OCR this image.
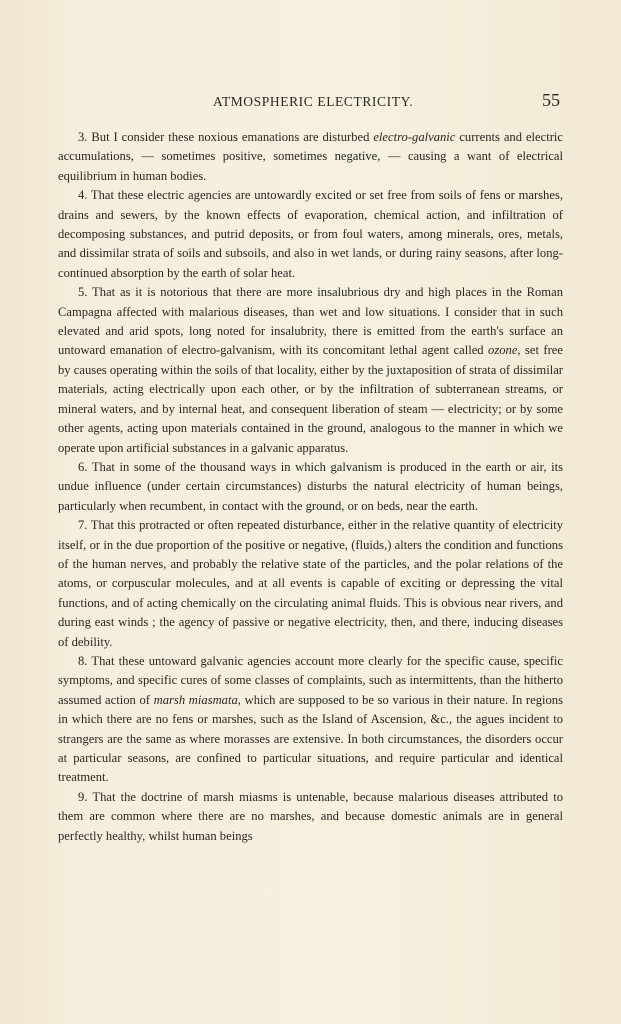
ATMOSPHERIC ELECTRICITY.	55

3. But I consider these noxious emanations are disturbed electro-galvanic currents and electric accumulations, — sometimes positive, sometimes negative, — causing a want of electrical equilibrium in human bodies.

4. That these electric agencies are untowardly excited or set free from soils of fens or marshes, drains and sewers, by the known effects of evaporation, chemical action, and infiltration of decomposing substances, and putrid deposits, or from foul waters, among minerals, ores, metals, and dissimilar strata of soils and subsoils, and also in wet lands, or during rainy seasons, after long-continued absorption by the earth of solar heat.

5. That as it is notorious that there are more insalubrious dry and high places in the Roman Campagna affected with malarious diseases, than wet and low situations. I consider that in such elevated and arid spots, long noted for insalubrity, there is emitted from the earth's surface an untoward emanation of electro-galvanism, with its concomitant lethal agent called ozone, set free by causes operating within the soils of that locality, either by the juxtaposition of strata of dissimilar materials, acting electrically upon each other, or by the infiltration of subterranean streams, or mineral waters, and by internal heat, and consequent liberation of steam — electricity; or by some other agents, acting upon materials contained in the ground, analogous to the manner in which we operate upon artificial substances in a galvanic apparatus.

6. That in some of the thousand ways in which galvanism is produced in the earth or air, its undue influence (under certain circumstances) disturbs the natural electricity of human beings, particularly when recumbent, in contact with the ground, or on beds, near the earth.

7. That this protracted or often repeated disturbance, either in the relative quantity of electricity itself, or in the due proportion of the positive or negative, (fluids,) alters the condition and functions of the human nerves, and probably the relative state of the particles, and the polar relations of the atoms, or corpuscular molecules, and at all events is capable of exciting or depressing the vital functions, and of acting chemically on the circulating animal fluids. This is obvious near rivers, and during east winds ; the agency of passive or negative electricity, then, and there, inducing diseases of debility.

8. That these untoward galvanic agencies account more clearly for the specific cause, specific symptoms, and specific cures of some classes of complaints, such as intermittents, than the hitherto assumed action of marsh miasmata, which are supposed to be so various in their nature. In regions in which there are no fens or marshes, such as the Island of Ascension, &c., the agues incident to strangers are the same as where morasses are extensive. In both circumstances, the disorders occur at particular seasons, are confined to particular situations, and require particular and identical treatment.

9. That the doctrine of marsh miasms is untenable, because malarious diseases attributed to them are common where there are no marshes, and because domestic animals are in general perfectly healthy, whilst human beings
